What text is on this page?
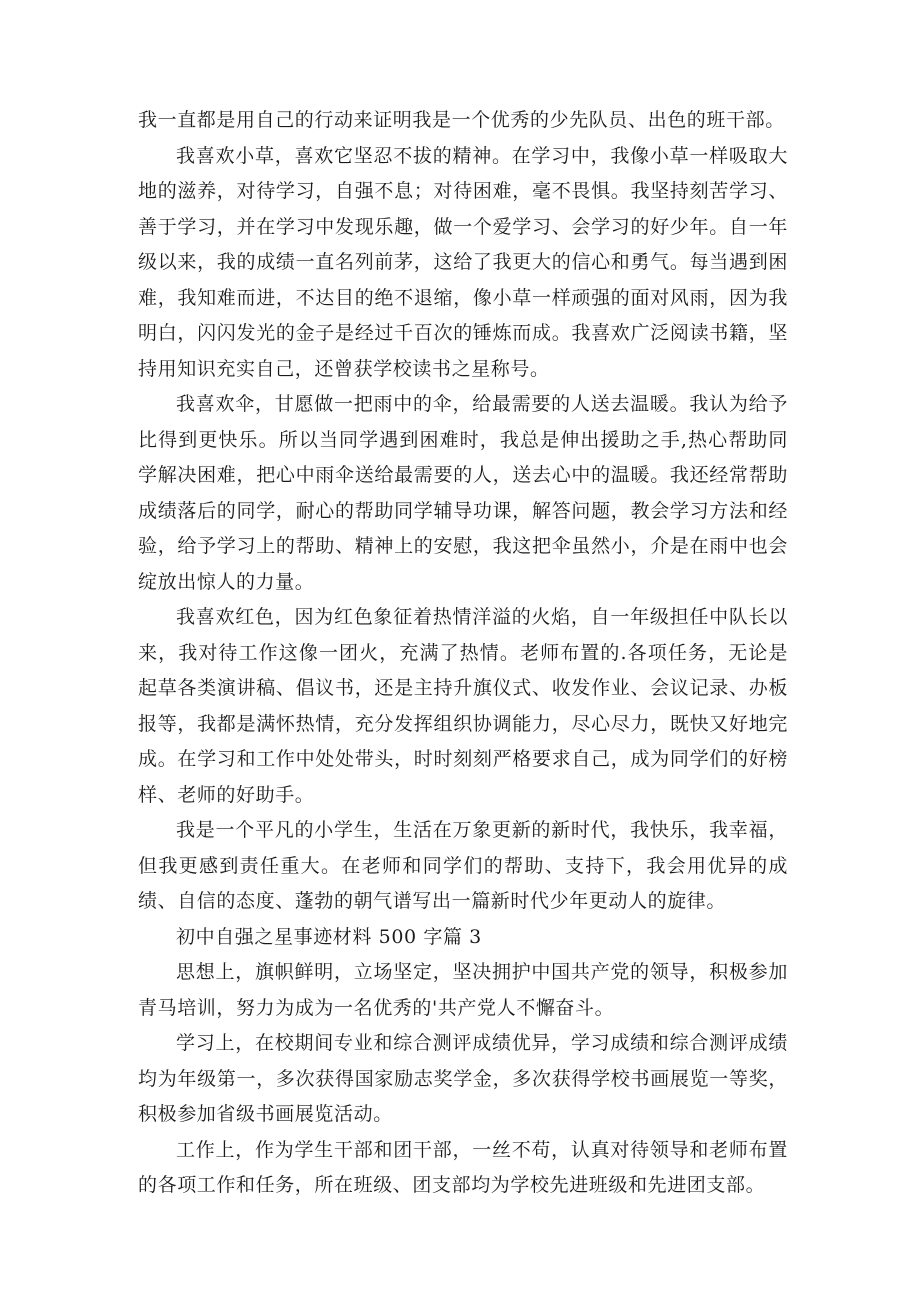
我一直都是用自己的行动来证明我是一个优秀的少先队员、出色的班干部。

我喜欢小草，喜欢它坚忍不拔的精神。在学习中，我像小草一样吸取大地的滋养，对待学习，自强不息；对待困难，毫不畏惧。我坚持刻苦学习、善于学习，并在学习中发现乐趣，做一个爱学习、会学习的好少年。自一年级以来，我的成绩一直名列前茅，这给了我更大的信心和勇气。每当遇到困难，我知难而进，不达目的绝不退缩，像小草一样顽强的面对风雨，因为我明白，闪闪发光的金子是经过千百次的锤炼而成。我喜欢广泛阅读书籍，坚持用知识充实自己，还曾获学校读书之星称号。

我喜欢伞，甘愿做一把雨中的伞，给最需要的人送去温暖。我认为给予比得到更快乐。所以当同学遇到困难时，我总是伸出援助之手,热心帮助同学解决困难，把心中雨伞送给最需要的人，送去心中的温暖。我还经常帮助成绩落后的同学，耐心的帮助同学辅导功课，解答问题，教会学习方法和经验，给予学习上的帮助、精神上的安慰，我这把伞虽然小，介是在雨中也会绽放出惊人的力量。

我喜欢红色，因为红色象征着热情洋溢的火焰，自一年级担任中队长以来，我对待工作这像一团火，充满了热情。老师布置的.各项任务，无论是起草各类演讲稿、倡议书，还是主持升旗仪式、收发作业、会议记录、办板报等，我都是满怀热情，充分发挥组织协调能力，尽心尽力，既快又好地完成。在学习和工作中处处带头，时时刻刻严格要求自己，成为同学们的好榜样、老师的好助手。

我是一个平凡的小学生，生活在万象更新的新时代，我快乐，我幸福，但我更感到责任重大。在老师和同学们的帮助、支持下，我会用优异的成绩、自信的态度、蓬勃的朝气谱写出一篇新时代少年更动人的旋律。

初中自强之星事迹材料 500 字篇 3

思想上，旗帜鲜明，立场坚定，坚决拥护中国共产党的领导，积极参加青马培训，努力为成为一名优秀的'共产党人不懈奋斗。

学习上，在校期间专业和综合测评成绩优异，学习成绩和综合测评成绩均为年级第一，多次获得国家励志奖学金，多次获得学校书画展览一等奖，积极参加省级书画展览活动。

工作上，作为学生干部和团干部，一丝不苟，认真对待领导和老师布置的各项工作和任务，所在班级、团支部均为学校先进班级和先进团支部。
